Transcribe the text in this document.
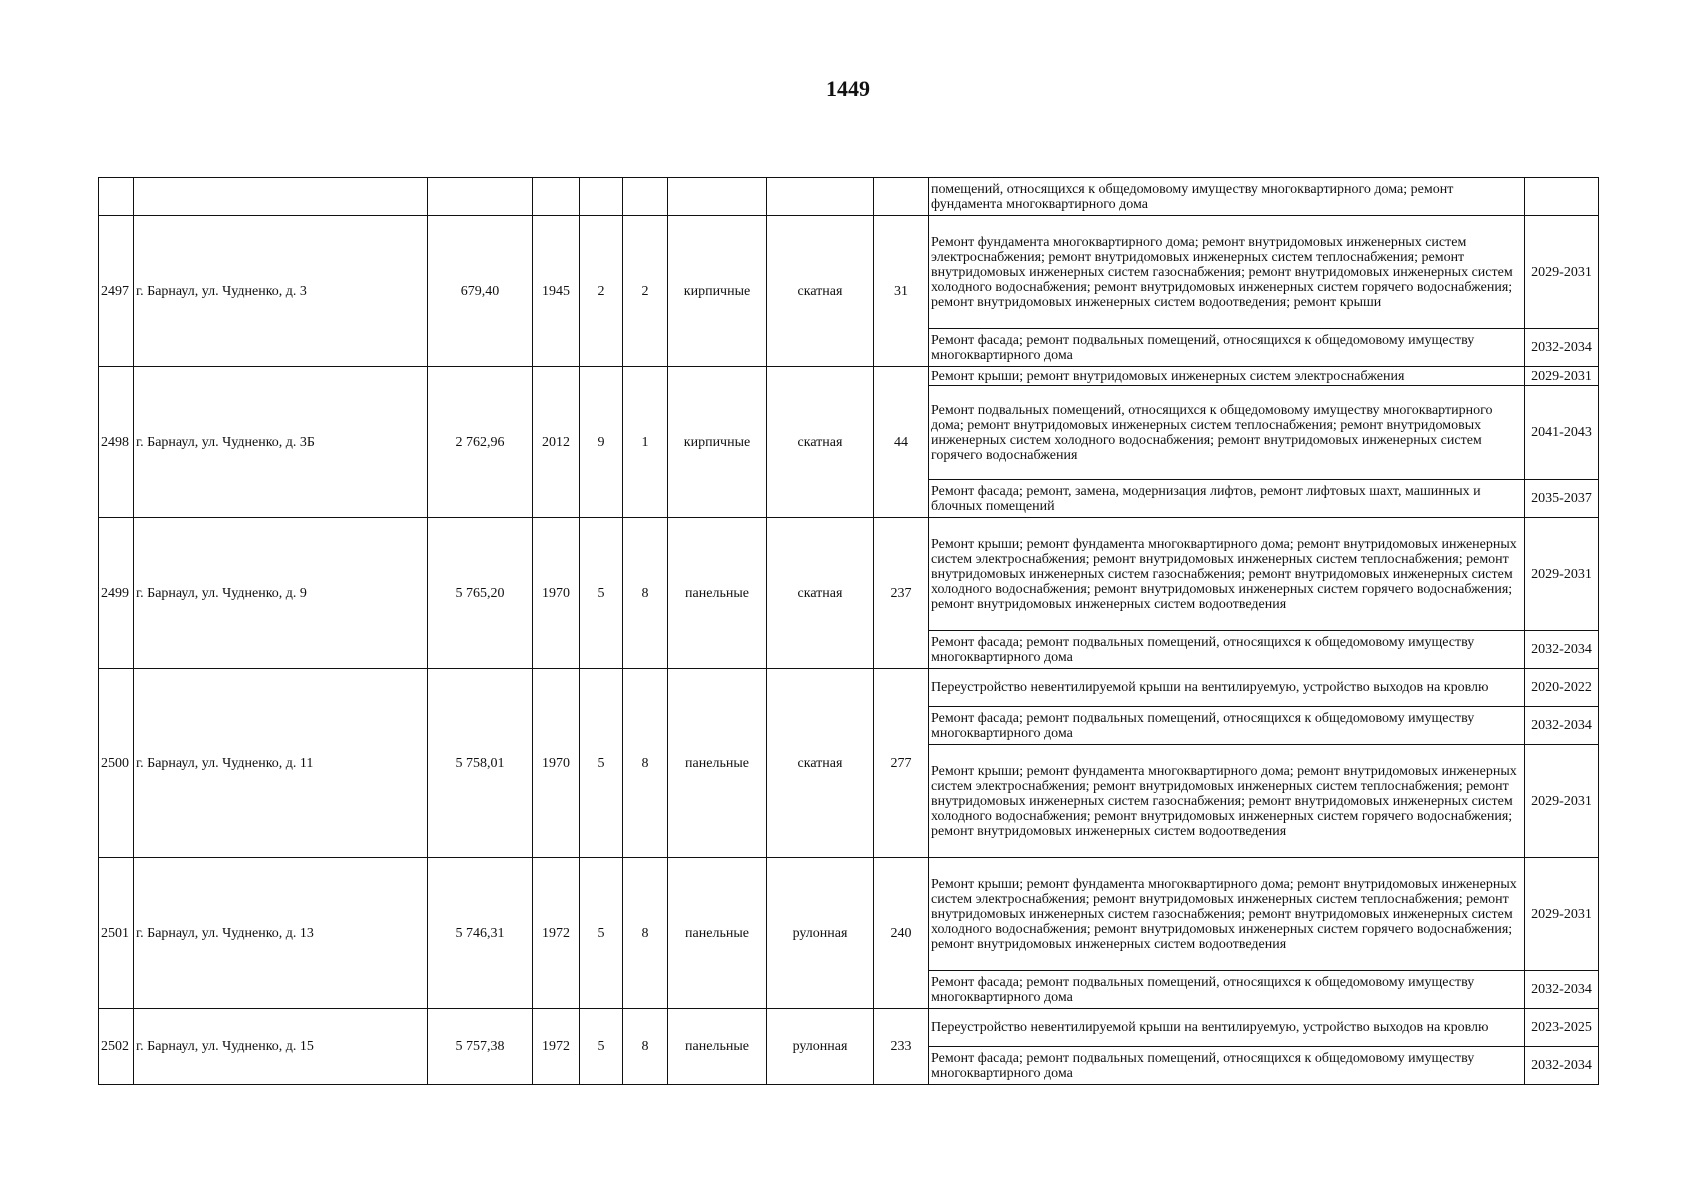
1449
									помещений, относящихся к общедомовому имуществу многоквартирного дома; ремонт фундамента многоквартирного дома	
2497	г. Барнаул, ул. Чудненко, д. 3	679,40	1945	2	2	кирпичные	скатная	31	Ремонт фундамента многоквартирного дома; ремонт внутридомовых инженерных систем электроснабжения; ремонт внутридомовых инженерных систем теплоснабжения; ремонт внутридомовых инженерных систем газоснабжения; ремонт внутридомовых инженерных систем холодного водоснабжения; ремонт внутридомовых инженерных систем горячего водоснабжения; ремонт внутридомовых инженерных систем водоотведения; ремонт крыши	2029-2031
									Ремонт фасада; ремонт подвальных помещений, относящихся к общедомовому имуществу многоквартирного дома	2032-2034
2498	г. Барнаул, ул. Чудненко, д. 3Б	2 762,96	2012	9	1	кирпичные	скатная	44	Ремонт крыши; ремонт внутридомовых инженерных систем электроснабжения	2029-2031
									Ремонт подвальных помещений, относящихся к общедомовому имуществу многоквартирного дома; ремонт внутридомовых инженерных систем теплоснабжения; ремонт внутридомовых инженерных систем холодного водоснабжения; ремонт внутридомовых инженерных систем горячего водоснабжения	2041-2043
									Ремонт фасада; ремонт, замена, модернизация лифтов, ремонт лифтовых шахт, машинных и блочных помещений	2035-2037
2499	г. Барнаул, ул. Чудненко, д. 9	5 765,20	1970	5	8	панельные	скатная	237	Ремонт крыши; ремонт фундамента многоквартирного дома; ремонт внутридомовых инженерных систем электроснабжения; ремонт внутридомовых инженерных систем теплоснабжения; ремонт внутридомовых инженерных систем газоснабжения; ремонт внутридомовых инженерных систем холодного водоснабжения; ремонт внутридомовых инженерных систем горячего водоснабжения; ремонт внутридомовых инженерных систем водоотведения	2029-2031
									Ремонт фасада; ремонт подвальных помещений, относящихся к общедомовому имуществу многоквартирного дома	2032-2034
2500	г. Барнаул, ул. Чудненко, д. 11	5 758,01	1970	5	8	панельные	скатная	277	Переустройство невентилируемой крыши на вентилируемую, устройство выходов на кровлю	2020-2022
									Ремонт фасада; ремонт подвальных помещений, относящихся к общедомовому имуществу многоквартирного дома	2032-2034
									Ремонт крыши; ремонт фундамента многоквартирного дома; ремонт внутридомовых инженерных систем электроснабжения; ремонт внутридомовых инженерных систем теплоснабжения; ремонт внутридомовых инженерных систем газоснабжения; ремонт внутридомовых инженерных систем холодного водоснабжения; ремонт внутридомовых инженерных систем горячего водоснабжения; ремонт внутридомовых инженерных систем водоотведения	2029-2031
2501	г. Барнаул, ул. Чудненко, д. 13	5 746,31	1972	5	8	панельные	рулонная	240	Ремонт крыши; ремонт фундамента многоквартирного дома; ремонт внутридомовых инженерных систем электроснабжения; ремонт внутридомовых инженерных систем теплоснабжения; ремонт внутридомовых инженерных систем газоснабжения; ремонт внутридомовых инженерных систем холодного водоснабжения; ремонт внутридомовых инженерных систем горячего водоснабжения; ремонт внутридомовых инженерных систем водоотведения	2029-2031
									Ремонт фасада; ремонт подвальных помещений, относящихся к общедомовому имуществу многоквартирного дома	2032-2034
2502	г. Барнаул, ул. Чудненко, д. 15	5 757,38	1972	5	8	панельные	рулонная	233	Переустройство невентилируемой крыши на вентилируемую, устройство выходов на кровлю	2023-2025
									Ремонт фасада; ремонт подвальных помещений, относящихся к общедомовому имуществу многоквартирного дома	2032-2034
